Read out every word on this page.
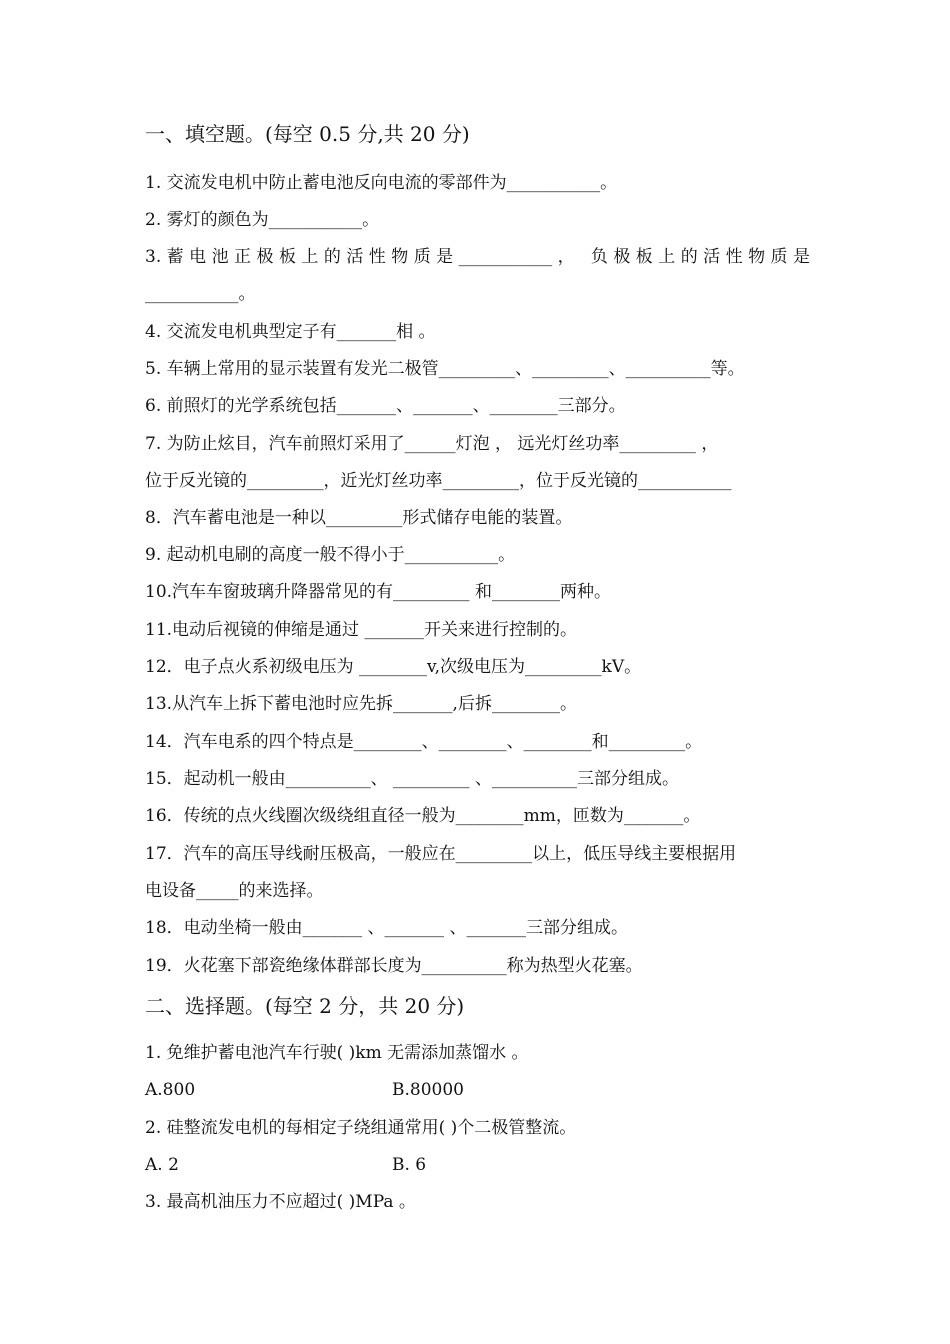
一、填空题。(每空 0.5 分,共 20 分)
1. 交流发电机中防止蓄电池反向电流的零部件为___________。
2. 雾灯的颜色为___________。
3.蓄电池正极板上的活性物质是___________， 负极板上的活性物质是
___________。
4. 交流发电机典型定子有_______相 。
5. 车辆上常用的显示装置有发光二极管_________、_________、__________等。
6. 前照灯的光学系统包括_______、_______、________三部分。
7. 为防止炫目，汽车前照灯采用了______灯泡 ， 远光灯丝功率_________ ，
位于反光镜的_________，近光灯丝功率_________，位于反光镜的___________
8．汽车蓄电池是一种以_________形式储存电能的装置。
9. 起动机电刷的高度一般不得小于___________。
10.汽车车窗玻璃升降器常见的有_________ 和________两种。
11.电动后视镜的伸缩是通过 _______开关来进行控制的。
12．电子点火系初级电压为 ________v,次级电压为_________kV。
13.从汽车上拆下蓄电池时应先拆_______,后拆________。
14．汽车电系的四个特点是________、________、________和_________。
15．起动机一般由__________、 _________ 、__________三部分组成。
16．传统的点火线圈次级绕组直径一般为________mm，匝数为_______。
17．汽车的高压导线耐压极高，一般应在_________以上，低压导线主要根据用
电设备_____的来选择。
18．电动坐椅一般由_______ 、_______ 、_______三部分组成。
19．火花塞下部瓷绝缘体群部长度为__________称为热型火花塞。
二、选择题。(每空 2 分，共 20 分)
1. 免维护蓄电池汽车行驶( )km 无需添加蒸馏水 。
A.800	B.80000
2. 硅整流发电机的每相定子绕组通常用( )个二极管整流。
A. 2	B. 6
3. 最高机油压力不应超过( )MPa 。
